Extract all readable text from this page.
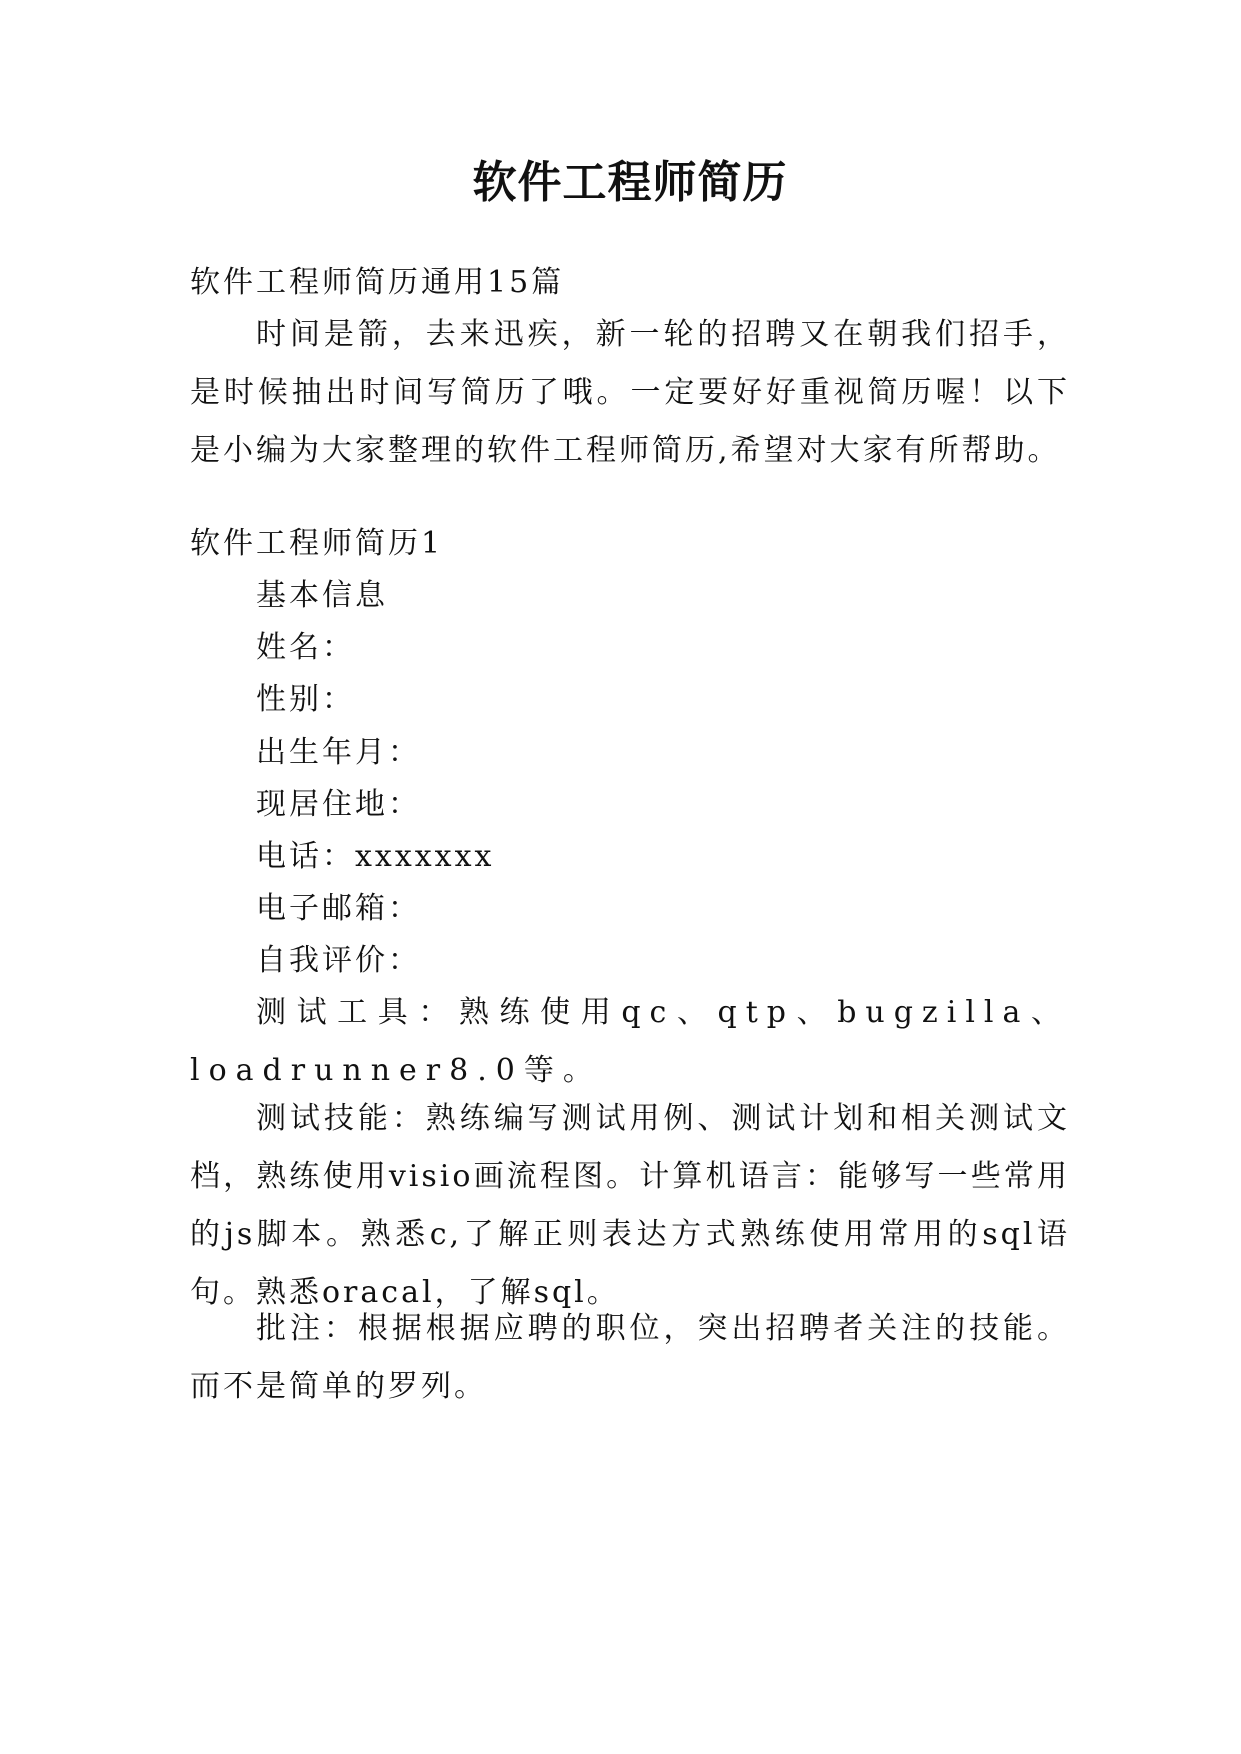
软件工程师简历
软件工程师简历通用15篇
时间是箭，去来迅疾，新一轮的招聘又在朝我们招手，是时候抽出时间写简历了哦。一定要好好重视简历喔！以下是小编为大家整理的软件工程师简历,希望对大家有所帮助。
软件工程师简历1
基本信息
姓名：
性别：
出生年月：
现居住地：
电话：xxxxxxx
电子邮箱：
自我评价：
测试工具：熟练使用qc、qtp、bugzilla、loadrunner8.0等。
测试技能：熟练编写测试用例、测试计划和相关测试文档，熟练使用visio画流程图。计算机语言：能够写一些常用的js脚本。熟悉c,了解正则表达方式熟练使用常用的sql语句。熟悉oracal，了解sql。
批注：根据根据应聘的职位，突出招聘者关注的技能。而不是简单的罗列。
